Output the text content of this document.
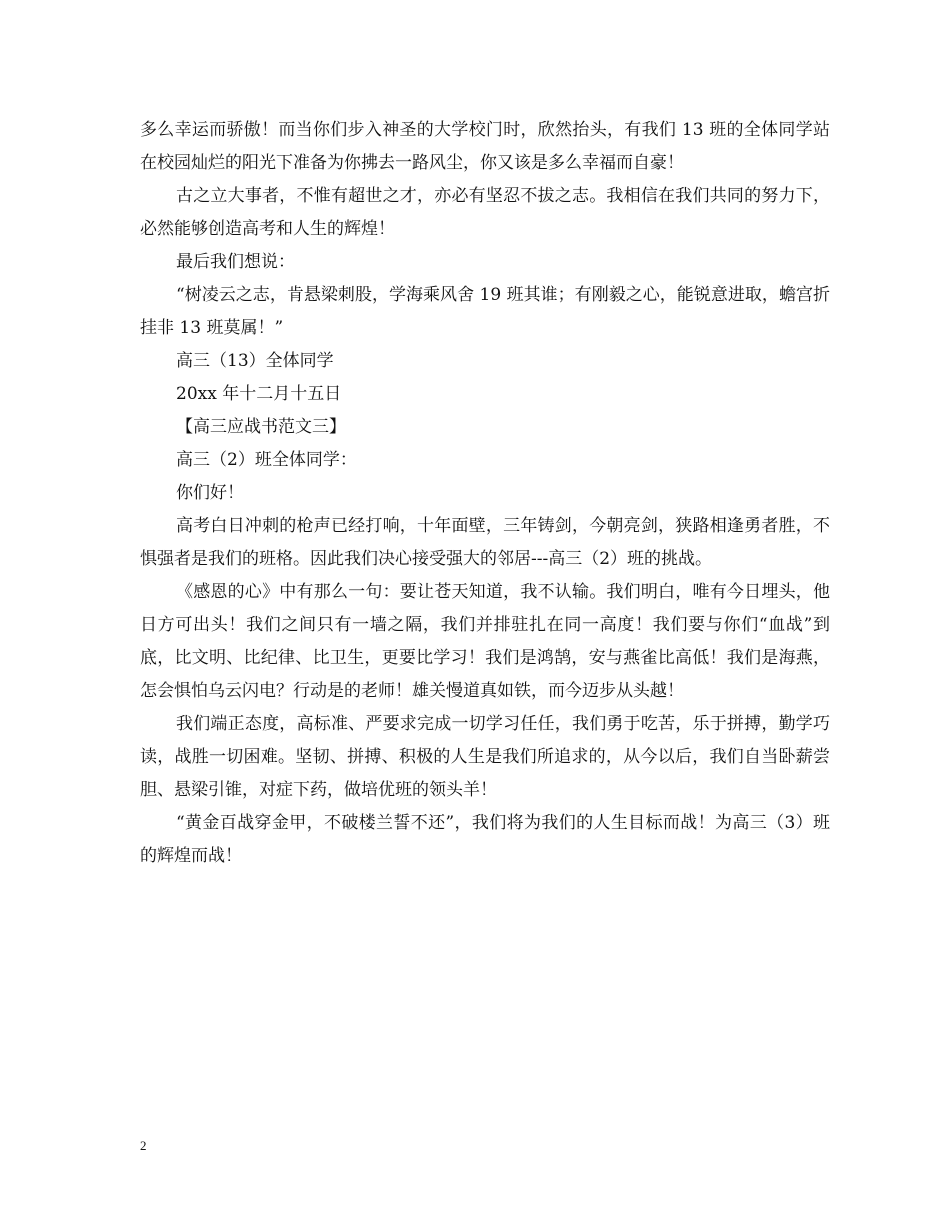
多么幸运而骄傲！而当你们步入神圣的大学校门时，欣然抬头，有我们 13 班的全体同学站在校园灿烂的阳光下准备为你拂去一路风尘，你又该是多么幸福而自豪！

古之立大事者，不惟有超世之才，亦必有坚忍不拔之志。我相信在我们共同的努力下，必然能够创造高考和人生的辉煌！

最后我们想说：

“树凌云之志，肯悬梁刺股，学海乘风舍 19 班其谁；有刚毅之心，能锐意进取，蟾宫折挂非 13 班莫属！”

高三（13）全体同学

20xx 年十二月十五日

【高三应战书范文三】

高三（2）班全体同学：

你们好！

高考白日冲刺的枪声已经打响，十年面壁，三年铸剑，今朝亮剑，狭路相逢勇者胜，不惧强者是我们的班格。因此我们决心接受强大的邻居---高三（2）班的挑战。

《感恩的心》中有那么一句：要让苍天知道，我不认输。我们明白，唯有今日埋头，他日方可出头！我们之间只有一墙之隔，我们并排驻扎在同一高度！我们要与你们“血战”到底，比文明、比纪律、比卫生，更要比学习！我们是鸿鹄，安与燕雀比高低！我们是海燕，怎会惧怕乌云闪电？行动是的老师！雄关慢道真如铁，而今迈步从头越！

我们端正态度，高标准、严要求完成一切学习任任，我们勇于吃苦，乐于拼搏，勤学巧读，战胜一切困难。坚韧、拼搏、积极的人生是我们所追求的，从今以后，我们自当卧薪尝胆、悬梁引锥，对症下药，做培优班的领头羊！

“黄金百战穿金甲，不破楼兰誓不还”，我们将为我们的人生目标而战！为高三（3）班的辉煌而战！

2
